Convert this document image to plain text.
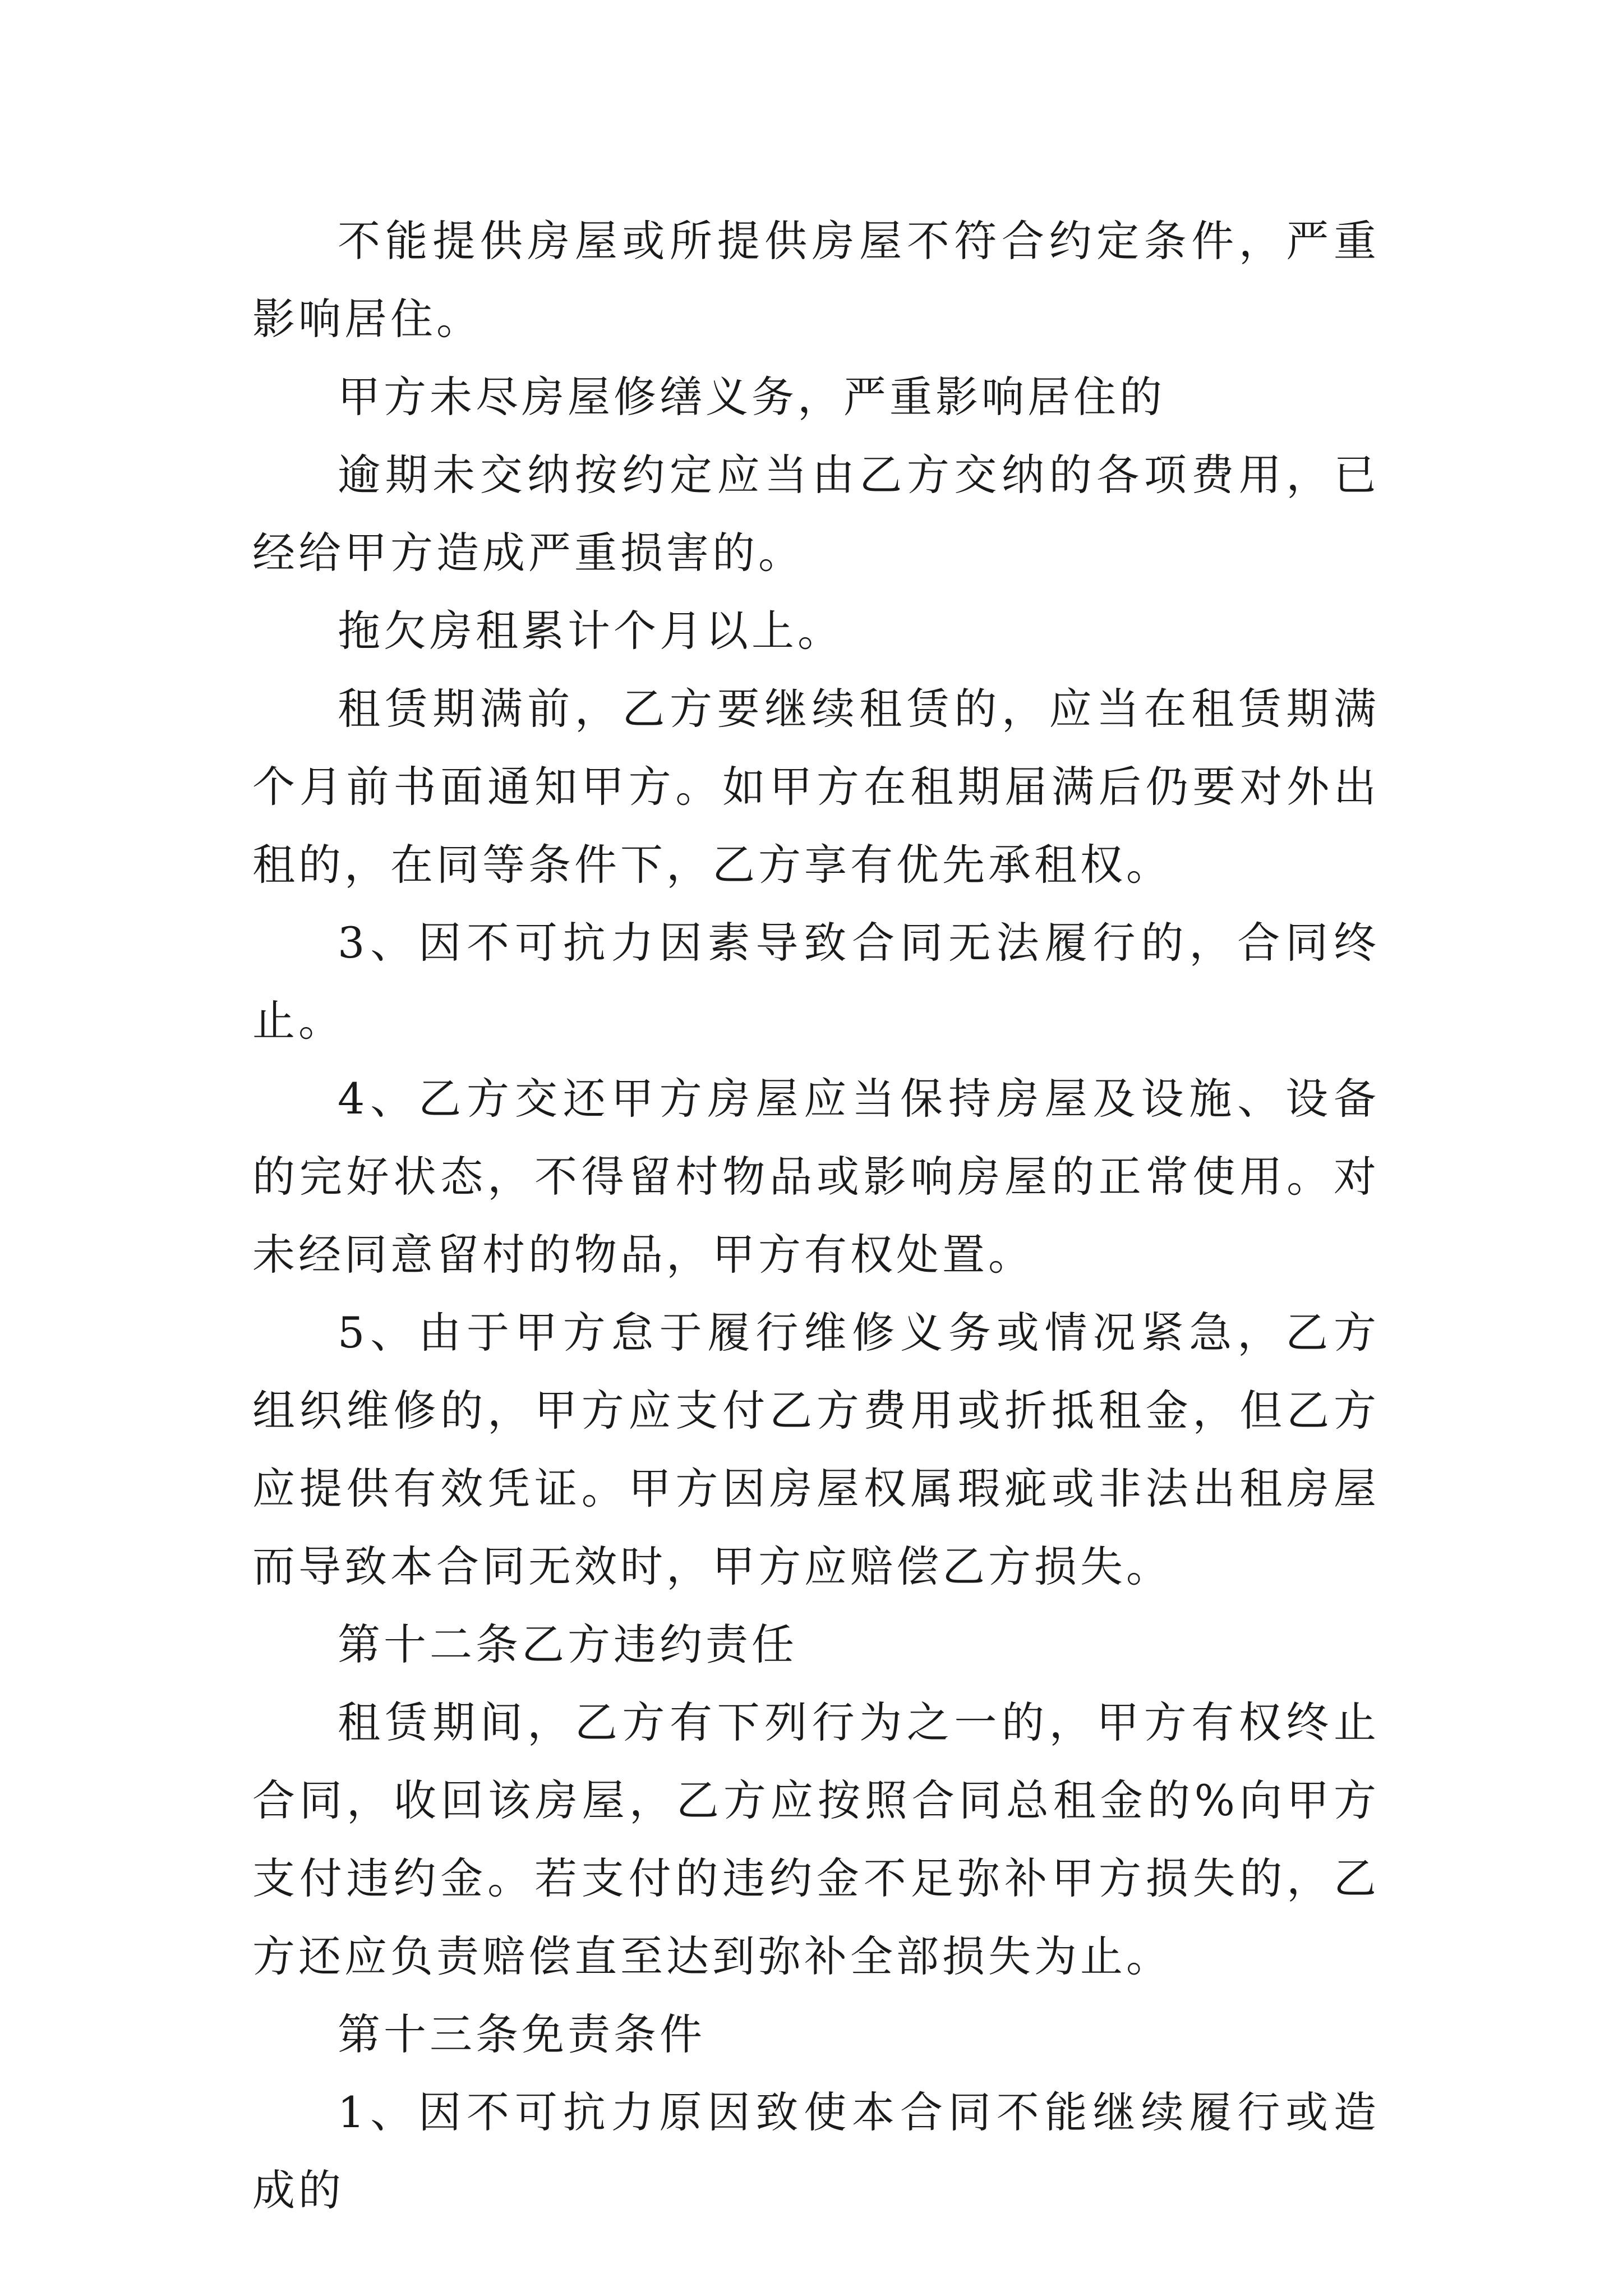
不能提供房屋或所提供房屋不符合约定条件，严重影响居住。

甲方未尽房屋修缮义务，严重影响居住的

逾期未交纳按约定应当由乙方交纳的各项费用，已经给甲方造成严重损害的。

拖欠房租累计个月以上。

租赁期满前，乙方要继续租赁的，应当在租赁期满个月前书面通知甲方。如甲方在租期届满后仍要对外出租的，在同等条件下，乙方享有优先承租权。

3、因不可抗力因素导致合同无法履行的，合同终止。

4、乙方交还甲方房屋应当保持房屋及设施、设备的完好状态，不得留村物品或影响房屋的正常使用。对未经同意留村的物品，甲方有权处置。

5、由于甲方怠于履行维修义务或情况紧急，乙方组织维修的，甲方应支付乙方费用或折抵租金，但乙方应提供有效凭证。甲方因房屋权属瑕疵或非法出租房屋而导致本合同无效时，甲方应赔偿乙方损失。

第十二条乙方违约责任

租赁期间，乙方有下列行为之一的，甲方有权终止合同，收回该房屋，乙方应按照合同总租金的%向甲方支付违约金。若支付的违约金不足弥补甲方损失的，乙方还应负责赔偿直至达到弥补全部损失为止。

第十三条免责条件

1、因不可抗力原因致使本合同不能继续履行或造成的
